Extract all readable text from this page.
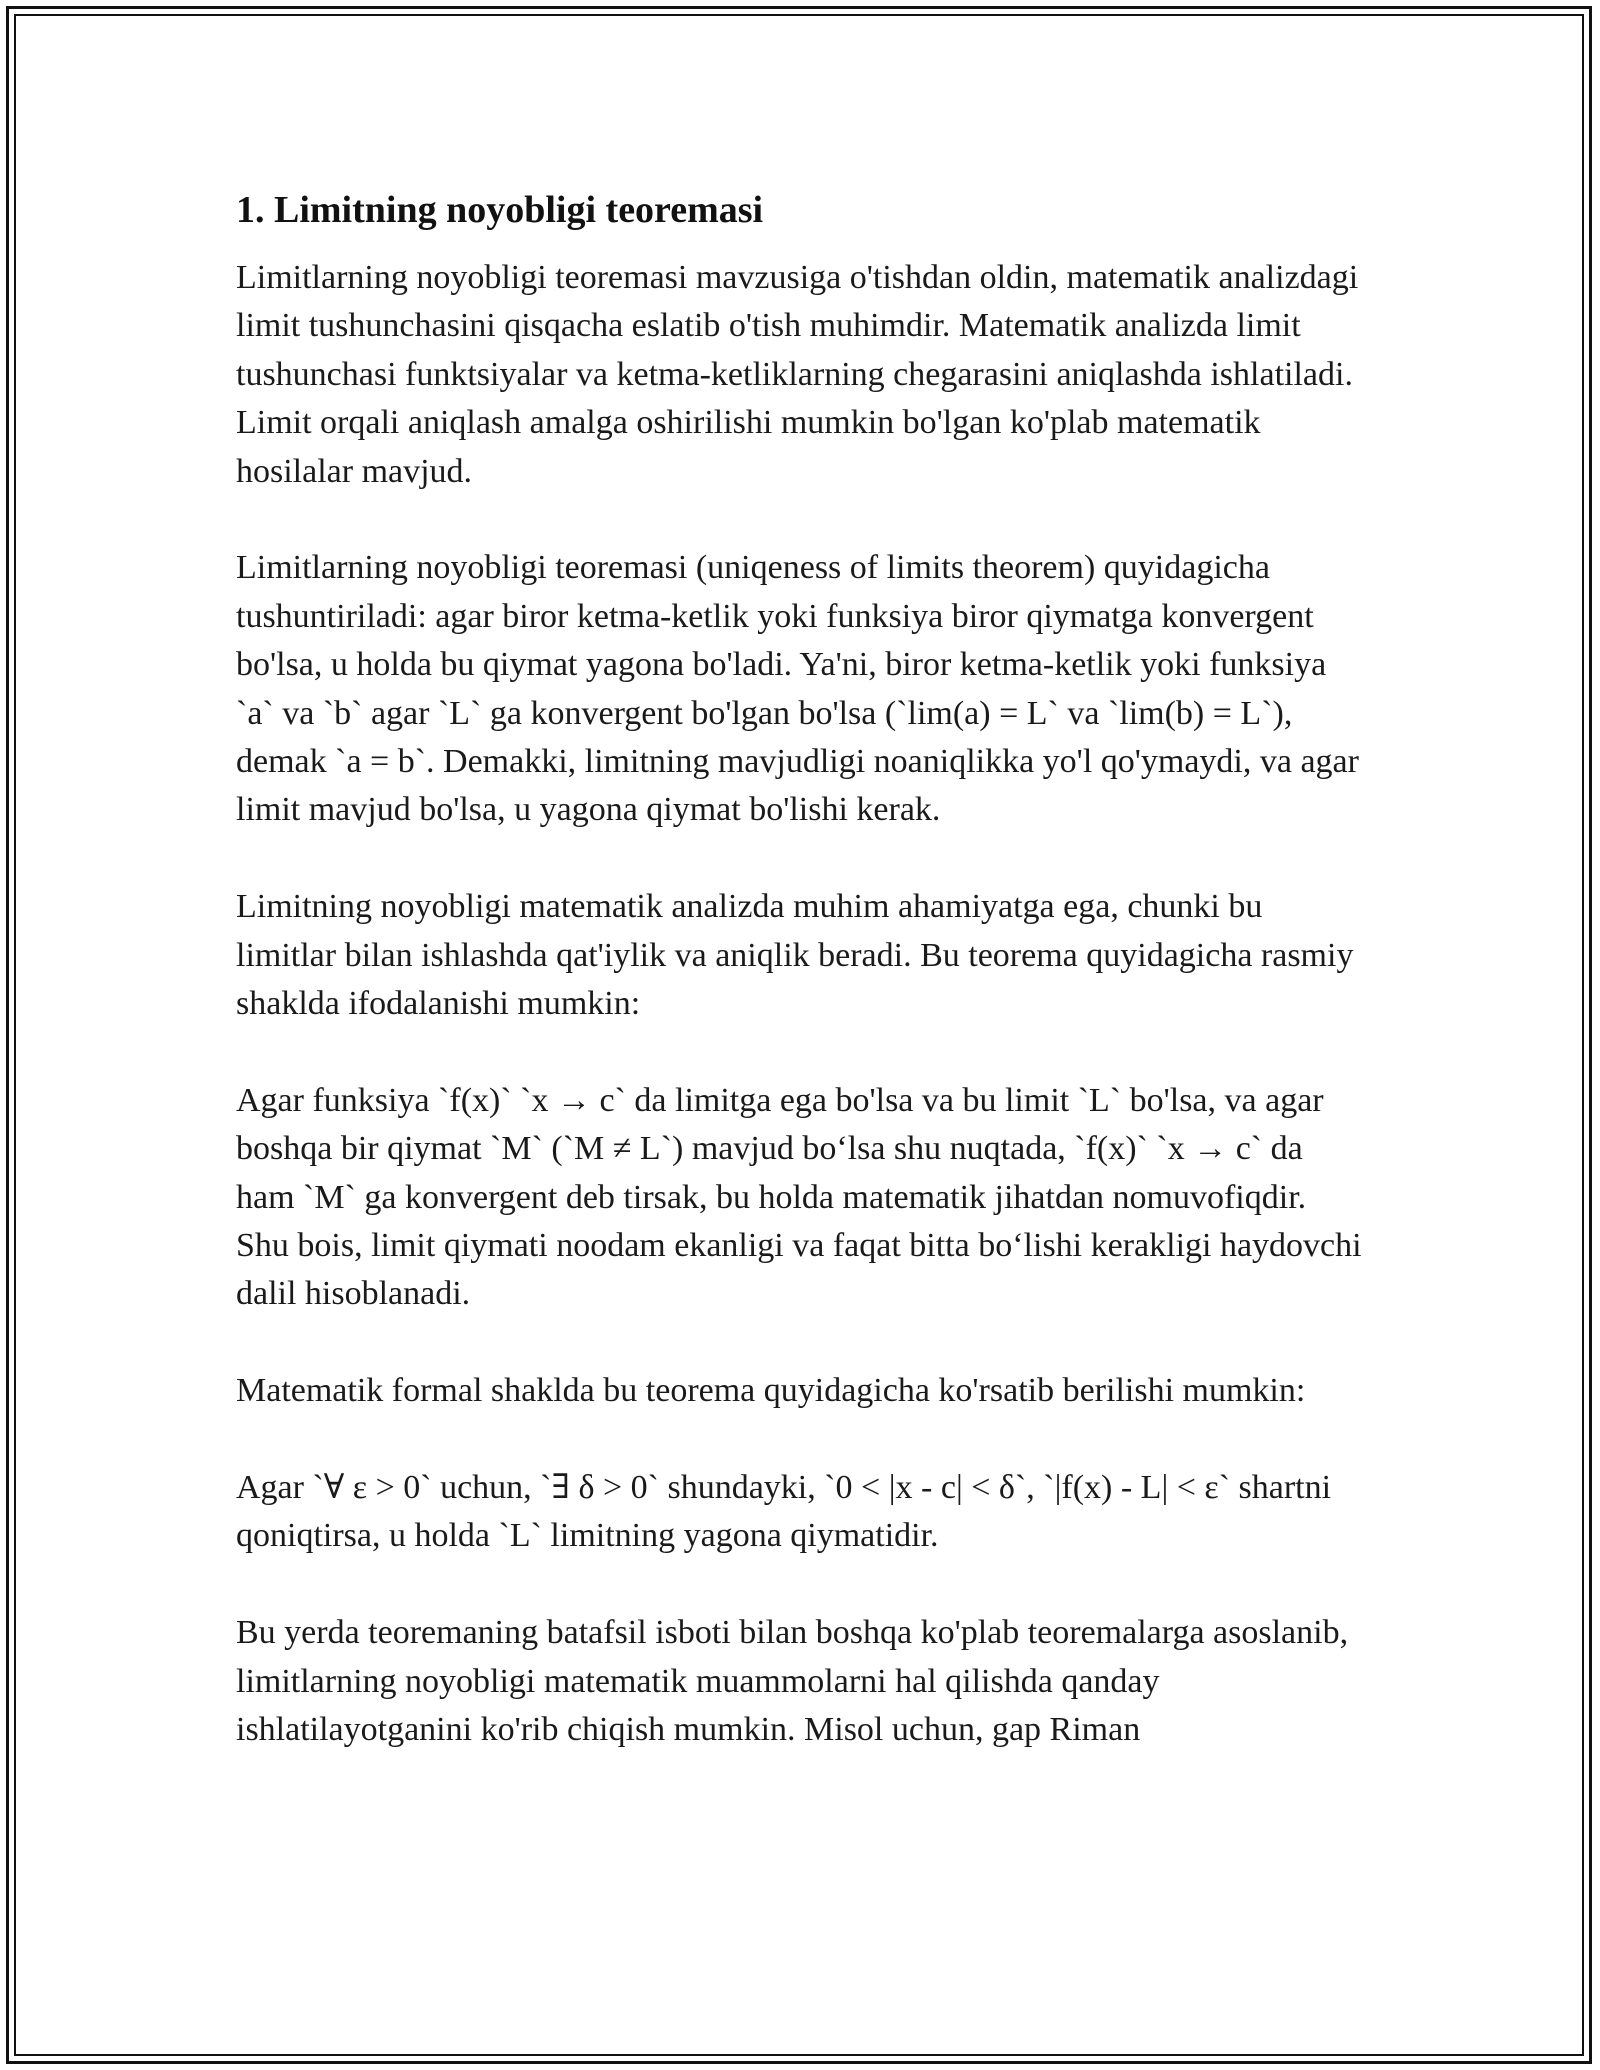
1. Limitning noyobligi teoremasi

Limitlarning noyobligi teoremasi mavzusiga o'tishdan oldin, matematik analizdagi limit tushunchasini qisqacha eslatib o'tish muhimdir. Matematik analizda limit tushunchasi funktsiyalar va ketma-ketliklarning chegarasini aniqlashda ishlatiladi. Limit orqali aniqlash amalga oshirilishi mumkin bo'lgan ko'plab matematik hosilalar mavjud.

Limitlarning noyobligi teoremasi (uniqeness of limits theorem) quyidagicha tushuntiriladi: agar biror ketma-ketlik yoki funksiya biror qiymatga konvergent bo'lsa, u holda bu qiymat yagona bo'ladi. Ya'ni, biror ketma-ketlik yoki funksiya `a` va `b` agar `L` ga konvergent bo'lgan bo'lsa (`lim(a) = L` va `lim(b) = L`), demak `a = b`. Demakki, limitning mavjudligi noaniqlikka yo'l qo'ymaydi, va agar limit mavjud bo'lsa, u yagona qiymat bo'lishi kerak.

Limitning noyobligi matematik analizda muhim ahamiyatga ega, chunki bu limitlar bilan ishlashda qat'iylik va aniqlik beradi. Bu teorema quyidagicha rasmiy shaklda ifodalanishi mumkin:

Agar funksiya `f(x)` `x → c` da limitga ega bo'lsa va bu limit `L` bo'lsa, va agar boshqa bir qiymat `M` (`M ≠ L`) mavjud bo‘lsa shu nuqtada, `f(x)` `x → c` da ham `M` ga konvergent deb tirsak, bu holda matematik jihatdan nomuvofiqdir. Shu bois, limit qiymati noodam ekanligi va faqat bitta bo‘lishi kerakligi haydovchi dalil hisoblanadi.

Matematik formal shaklda bu teorema quyidagicha ko'rsatib berilishi mumkin:

Agar `∀ ε > 0` uchun, `∃ δ > 0` shundayki, `0 < |x - c| < δ`, `|f(x) - L| < ε` shartni qoniqtirsa, u holda `L` limitning yagona qiymatidir.

Bu yerda teoremaning batafsil isboti bilan boshqa ko'plab teoremalarga asoslanib, limitlarning noyobligi matematik muammolarni hal qilishda qanday ishlatilayotganini ko'rib chiqish mumkin. Misol uchun, gap Riman
